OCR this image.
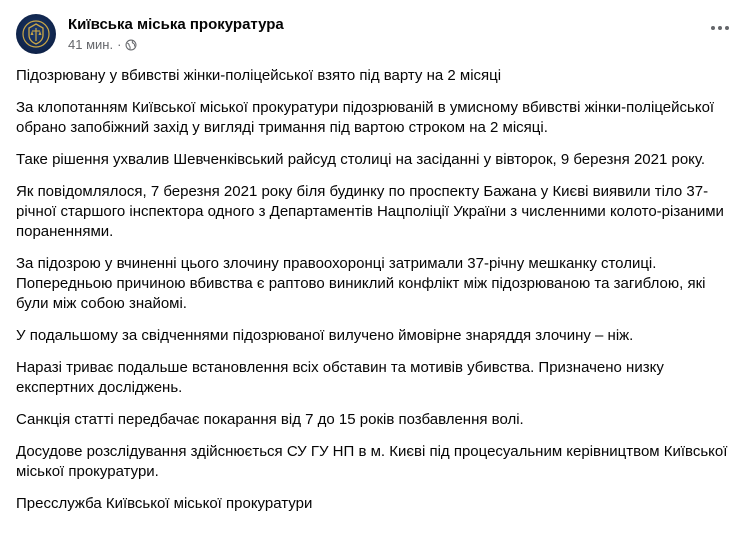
Київська міська прокуратура
41 мин. ·

Підозрювану у вбивстві жінки-поліцейської взято під варту на 2 місяці

За клопотанням Київської міської прокуратури підозрюваній в умисному вбивстві жінки-поліцейської обрано запобіжний захід у вигляді тримання під вартою строком на 2 місяці.

Таке рішення ухвалив Шевченківський райсуд столиці на засіданні у вівторок, 9 березня 2021 року.

Як повідомлялося, 7 березня 2021 року біля будинку по проспекту Бажана у Києві виявили тіло 37-річної старшого інспектора одного з Департаментів Нацполіції України з численними колото-різаними пораненнями.

За підозрою у вчиненні цього злочину правоохоронці затримали 37-річну мешканку столиці. Попередньою причиною вбивства є раптово виниклий конфлікт між підозрюваною та загиблою, які були між собою знайомі.

У подальшому за свідченнями підозрюваної вилучено ймовірне знаряддя злочину – ніж.

Наразі триває подальше встановлення всіх обставин та мотивів убивства. Призначено низку експертних досліджень.

Санкція статті передбачає покарання від 7 до 15 років позбавлення волі.

Досудове розслідування здійснюється СУ ГУ НП в м. Києві під процесуальним керівництвом Київської міської прокуратури.

Пресслужба Київської міської прокуратури
